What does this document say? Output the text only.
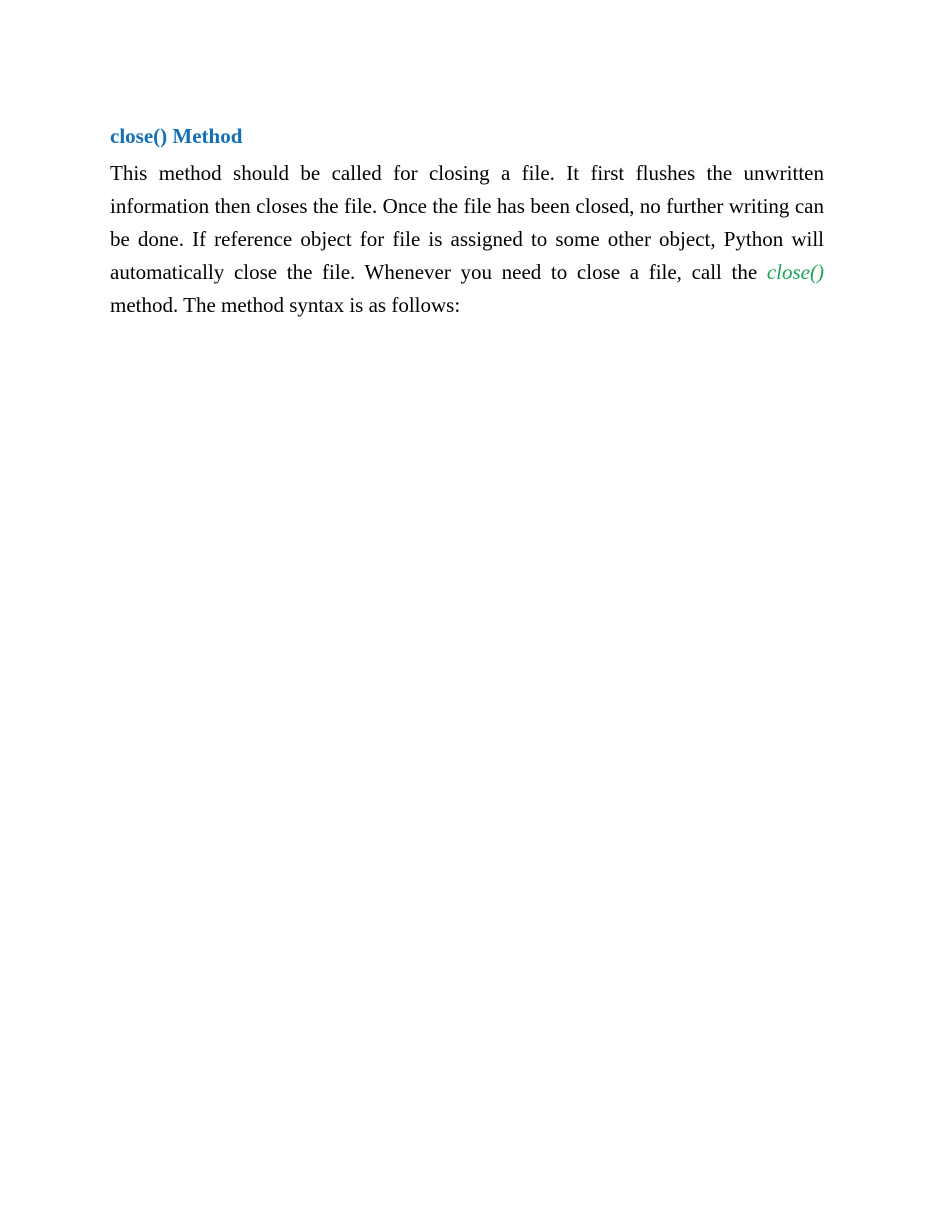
close() Method

This method should be called for closing a file. It first flushes the unwritten information then closes the file. Once the file has been closed, no further writing can be done. If reference object for file is assigned to some other object, Python will automatically close the file. Whenever you need to close a file, call the close() method. The method syntax is as follows:
